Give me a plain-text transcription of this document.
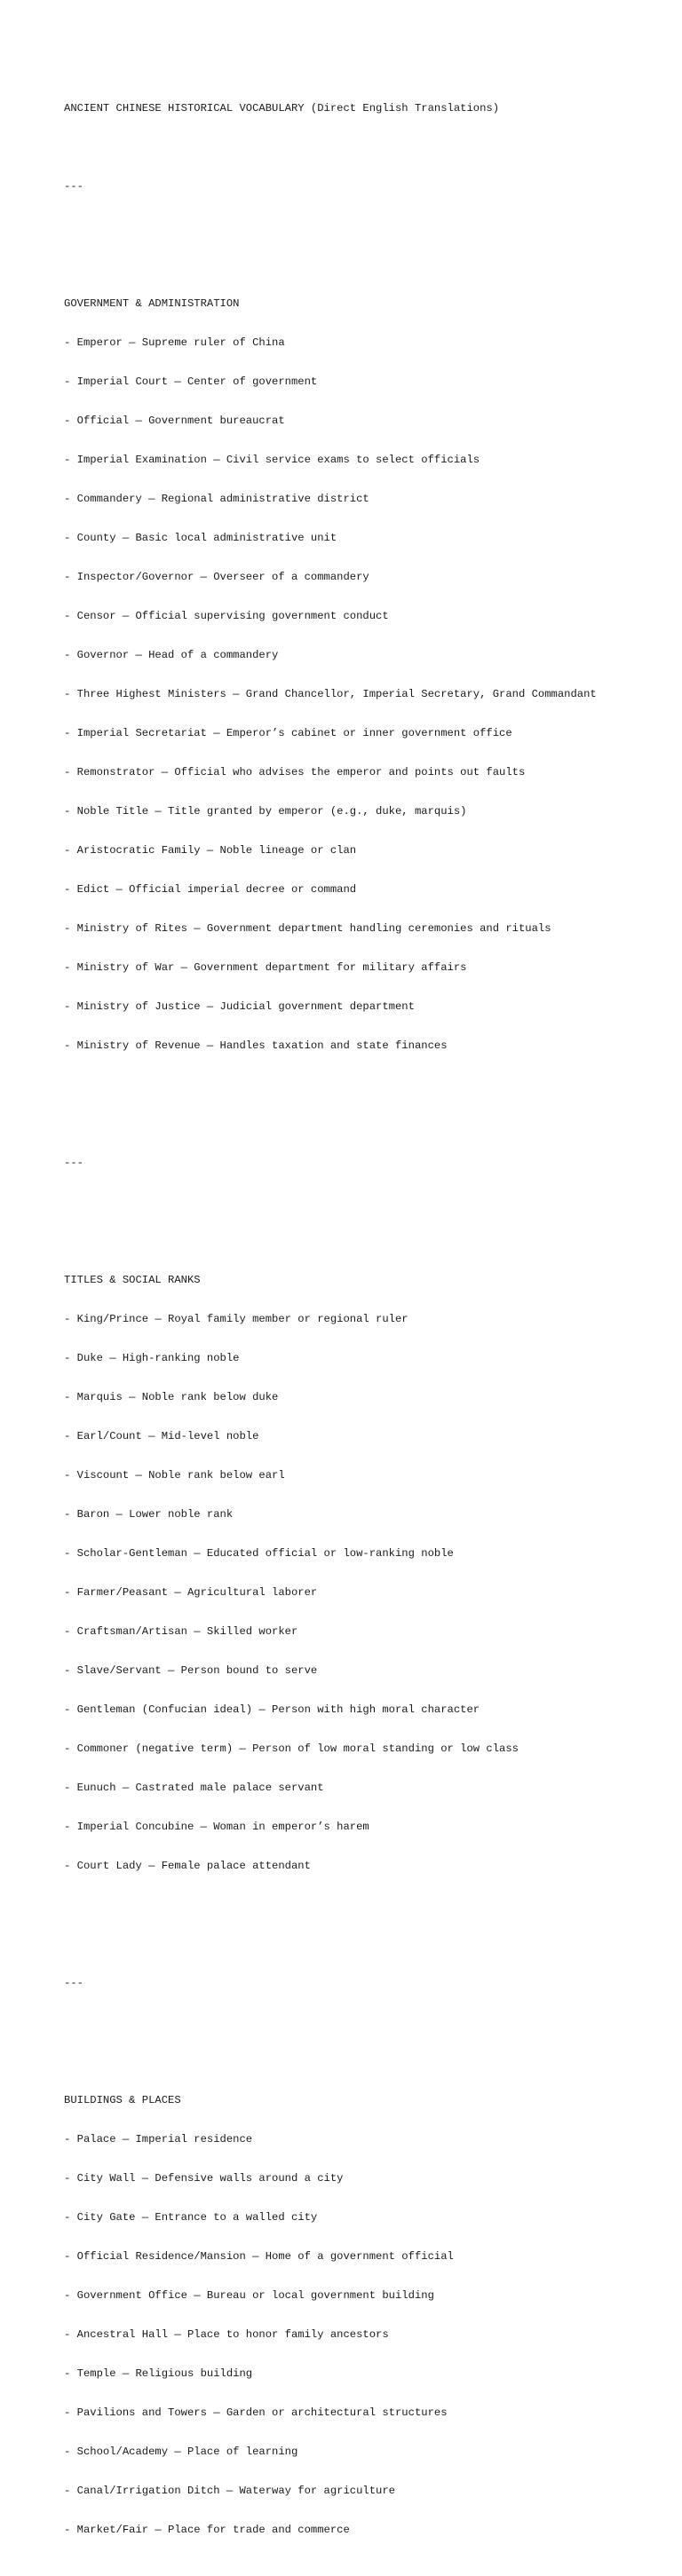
ANCIENT CHINESE HISTORICAL VOCABULARY (Direct English Translations)

---

GOVERNMENT & ADMINISTRATION

- Emperor — Supreme ruler of China

- Imperial Court — Center of government

- Official — Government bureaucrat

- Imperial Examination — Civil service exams to select officials

- Commandery — Regional administrative district

- County — Basic local administrative unit

- Inspector/Governor — Overseer of a commandery

- Censor — Official supervising government conduct

- Governor — Head of a commandery

- Three Highest Ministers — Grand Chancellor, Imperial Secretary, Grand Commandant

- Imperial Secretariat — Emperor’s cabinet or inner government office

- Remonstrator — Official who advises the emperor and points out faults

- Noble Title — Title granted by emperor (e.g., duke, marquis)

- Aristocratic Family — Noble lineage or clan

- Edict — Official imperial decree or command

- Ministry of Rites — Government department handling ceremonies and rituals

- Ministry of War — Government department for military affairs

- Ministry of Justice — Judicial government department

- Ministry of Revenue — Handles taxation and state finances

---

TITLES & SOCIAL RANKS

- King/Prince — Royal family member or regional ruler

- Duke — High-ranking noble

- Marquis — Noble rank below duke

- Earl/Count — Mid-level noble

- Viscount — Noble rank below earl

- Baron — Lower noble rank

- Scholar-Gentleman — Educated official or low-ranking noble

- Farmer/Peasant — Agricultural laborer

- Craftsman/Artisan — Skilled worker

- Slave/Servant — Person bound to serve

- Gentleman (Confucian ideal) — Person with high moral character

- Commoner (negative term) — Person of low moral standing or low class

- Eunuch — Castrated male palace servant

- Imperial Concubine — Woman in emperor’s harem

- Court Lady — Female palace attendant

---

BUILDINGS & PLACES

- Palace — Imperial residence

- City Wall — Defensive walls around a city

- City Gate — Entrance to a walled city

- Official Residence/Mansion — Home of a government official

- Government Office — Bureau or local government building

- Ancestral Hall — Place to honor family ancestors

- Temple — Religious building

- Pavilions and Towers — Garden or architectural structures

- School/Academy — Place of learning

- Canal/Irrigation Ditch — Waterway for agriculture

- Market/Fair — Place for trade and commerce
